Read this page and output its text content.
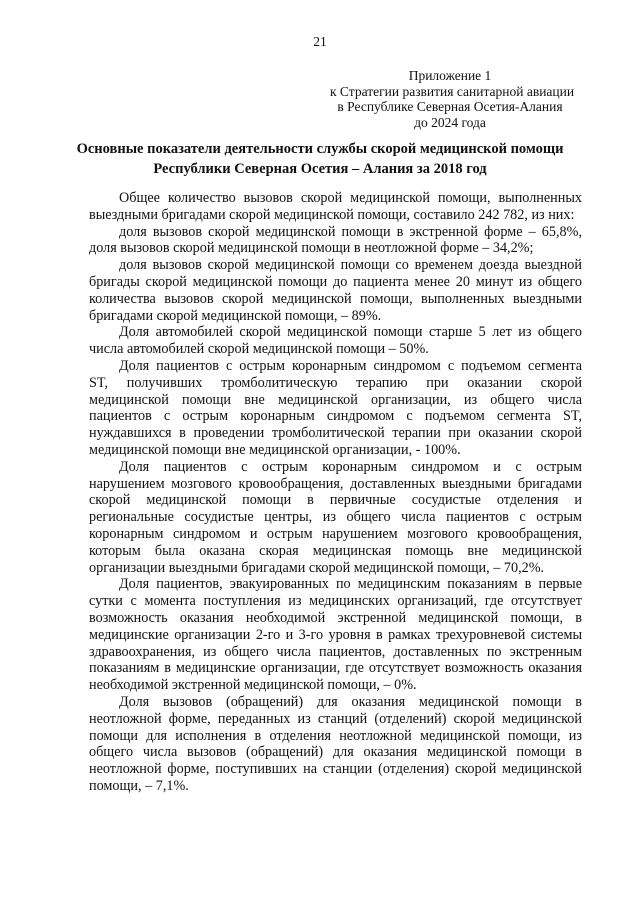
21
Приложение 1
к Стратегии развития санитарной авиации
в Республике Северная Осетия-Алания
до 2024 года
Основные показатели деятельности службы скорой медицинской помощи
Республики Северная Осетия – Алания за 2018 год
Общее количество вызовов скорой медицинской помощи, выполненных
выездными бригадами скорой медицинской помощи, составило 242 782, из них:
доля вызовов скорой медицинской помощи в экстренной форме – 65,8%,
доля вызовов скорой медицинской помощи в неотложной форме – 34,2%;
доля вызовов скорой медицинской помощи со временем доезда выездной
бригады скорой медицинской помощи до пациента менее 20 минут из общего
количества вызовов скорой медицинской помощи, выполненных выездными
бригадами скорой медицинской помощи, – 89%.
Доля автомобилей скорой медицинской помощи старше 5 лет из общего
числа автомобилей скорой медицинской помощи – 50%.
Доля пациентов с острым коронарным синдромом с подъемом сегмента
ST, получивших тромболитическую терапию при оказании скорой
медицинской помощи вне медицинской организации, из общего числа
пациентов с острым коронарным синдромом с подъемом сегмента ST,
нуждавшихся в проведении тромболитической терапии при оказании скорой
медицинской помощи вне медицинской организации, - 100%.
Доля пациентов с острым коронарным синдромом и с острым
нарушением мозгового кровообращения, доставленных выездными бригадами
скорой медицинской помощи в первичные сосудистые отделения и
региональные сосудистые центры, из общего числа пациентов с острым
коронарным синдромом и острым нарушением мозгового кровообращения,
которым была оказана скорая медицинская помощь вне медицинской
организации выездными бригадами скорой медицинской помощи, – 70,2%.
Доля пациентов, эвакуированных по медицинским показаниям в первые
сутки с момента поступления из медицинских организаций, где отсутствует
возможность оказания необходимой экстренной медицинской помощи, в
медицинские организации 2-го и 3-го уровня в рамках трехуровневой системы
здравоохранения, из общего числа пациентов, доставленных по экстренным
показаниям в медицинские организации, где отсутствует возможность оказания
необходимой экстренной медицинской помощи, – 0%.
Доля вызовов (обращений) для оказания медицинской помощи в
неотложной форме, переданных из станций (отделений) скорой медицинской
помощи для исполнения в отделения неотложной медицинской помощи, из
общего числа вызовов (обращений) для оказания медицинской помощи в
неотложной форме, поступивших на станции (отделения) скорой медицинской
помощи, – 7,1%.
